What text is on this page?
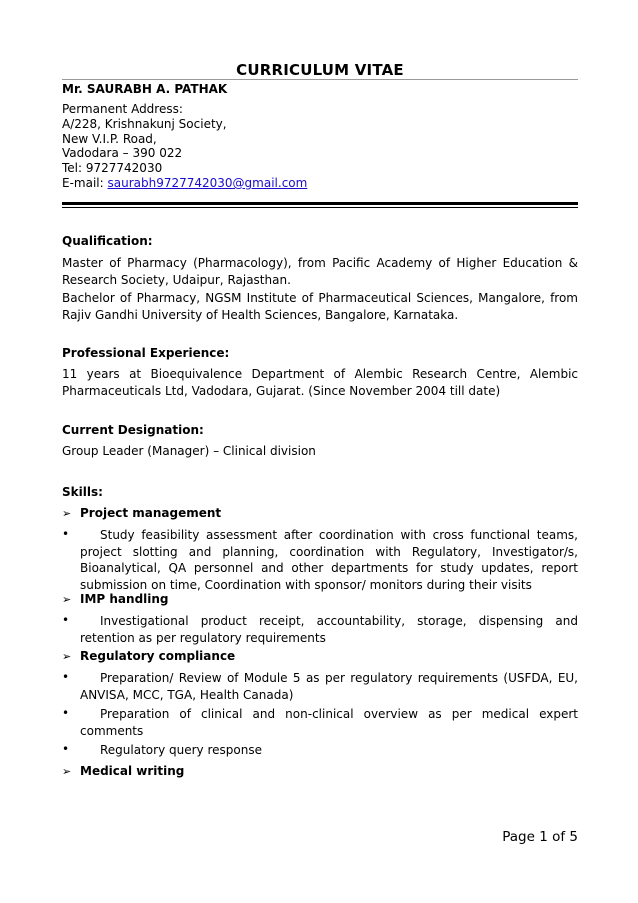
CURRICULUM VITAE
Mr. SAURABH A. PATHAK
Permanent Address:
A/228, Krishnakunj Society,
New V.I.P. Road,
Vadodara – 390 022
Tel: 9727742030
E-mail: saurabh9727742030@gmail.com
Qualification:
Master of Pharmacy (Pharmacology), from Pacific Academy of Higher Education & Research Society, Udaipur, Rajasthan.
Bachelor of Pharmacy, NGSM Institute of Pharmaceutical Sciences, Mangalore, from Rajiv Gandhi University of Health Sciences, Bangalore, Karnataka.
Professional Experience:
11 years at Bioequivalence Department of Alembic Research Centre, Alembic Pharmaceuticals Ltd, Vadodara, Gujarat. (Since November 2004 till date)
Current Designation:
Group Leader (Manager) – Clinical division
Skills:
➢ Project management
•	Study feasibility assessment after coordination with cross functional teams, project slotting and planning, coordination with Regulatory, Investigator/s, Bioanalytical, QA personnel and other departments for study updates, report submission on time, Coordination with sponsor/ monitors during their visits
➢ IMP handling
•	Investigational product receipt, accountability, storage, dispensing and retention as per regulatory requirements
➢ Regulatory compliance
•	Preparation/ Review of Module 5 as per regulatory requirements (USFDA, EU, ANVISA, MCC, TGA, Health Canada)
•	Preparation of clinical and non-clinical overview as per medical expert comments
•	Regulatory query response
➢ Medical writing
Page 1 of 5
